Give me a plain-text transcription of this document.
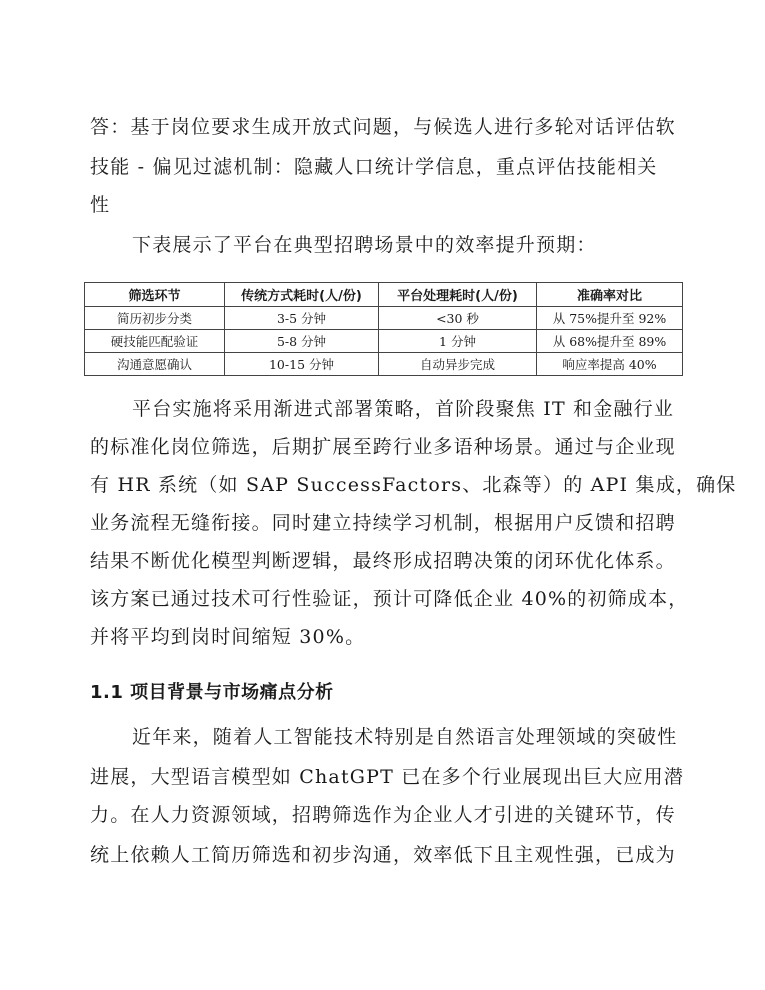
答：基于岗位要求生成开放式问题，与候选人进行多轮对话评估软
技能 - 偏见过滤机制：隐藏人口统计学信息，重点评估技能相关
性
下表展示了平台在典型招聘场景中的效率提升预期：
筛选环节	传统方式耗时(人/份)	平台处理耗时(人/份)	准确率对比
简历初步分类	3-5 分钟	<30 秒	从 75%提升至 92%
硬技能匹配验证	5-8 分钟	1 分钟	从 68%提升至 89%
沟通意愿确认	10-15 分钟	自动异步完成	响应率提高 40%
平台实施将采用渐进式部署策略，首阶段聚焦 IT 和金融行业
的标准化岗位筛选，后期扩展至跨行业多语种场景。通过与企业现
有 HR 系统（如 SAP SuccessFactors、北森等）的 API 集成，确保
业务流程无缝衔接。同时建立持续学习机制，根据用户反馈和招聘
结果不断优化模型判断逻辑，最终形成招聘决策的闭环优化体系。
该方案已通过技术可行性验证，预计可降低企业 40%的初筛成本，
并将平均到岗时间缩短 30%。
1.1 项目背景与市场痛点分析
近年来，随着人工智能技术特别是自然语言处理领域的突破性
进展，大型语言模型如 ChatGPT 已在多个行业展现出巨大应用潜
力。在人力资源领域，招聘筛选作为企业人才引进的关键环节，传
统上依赖人工简历筛选和初步沟通，效率低下且主观性强，已成为
